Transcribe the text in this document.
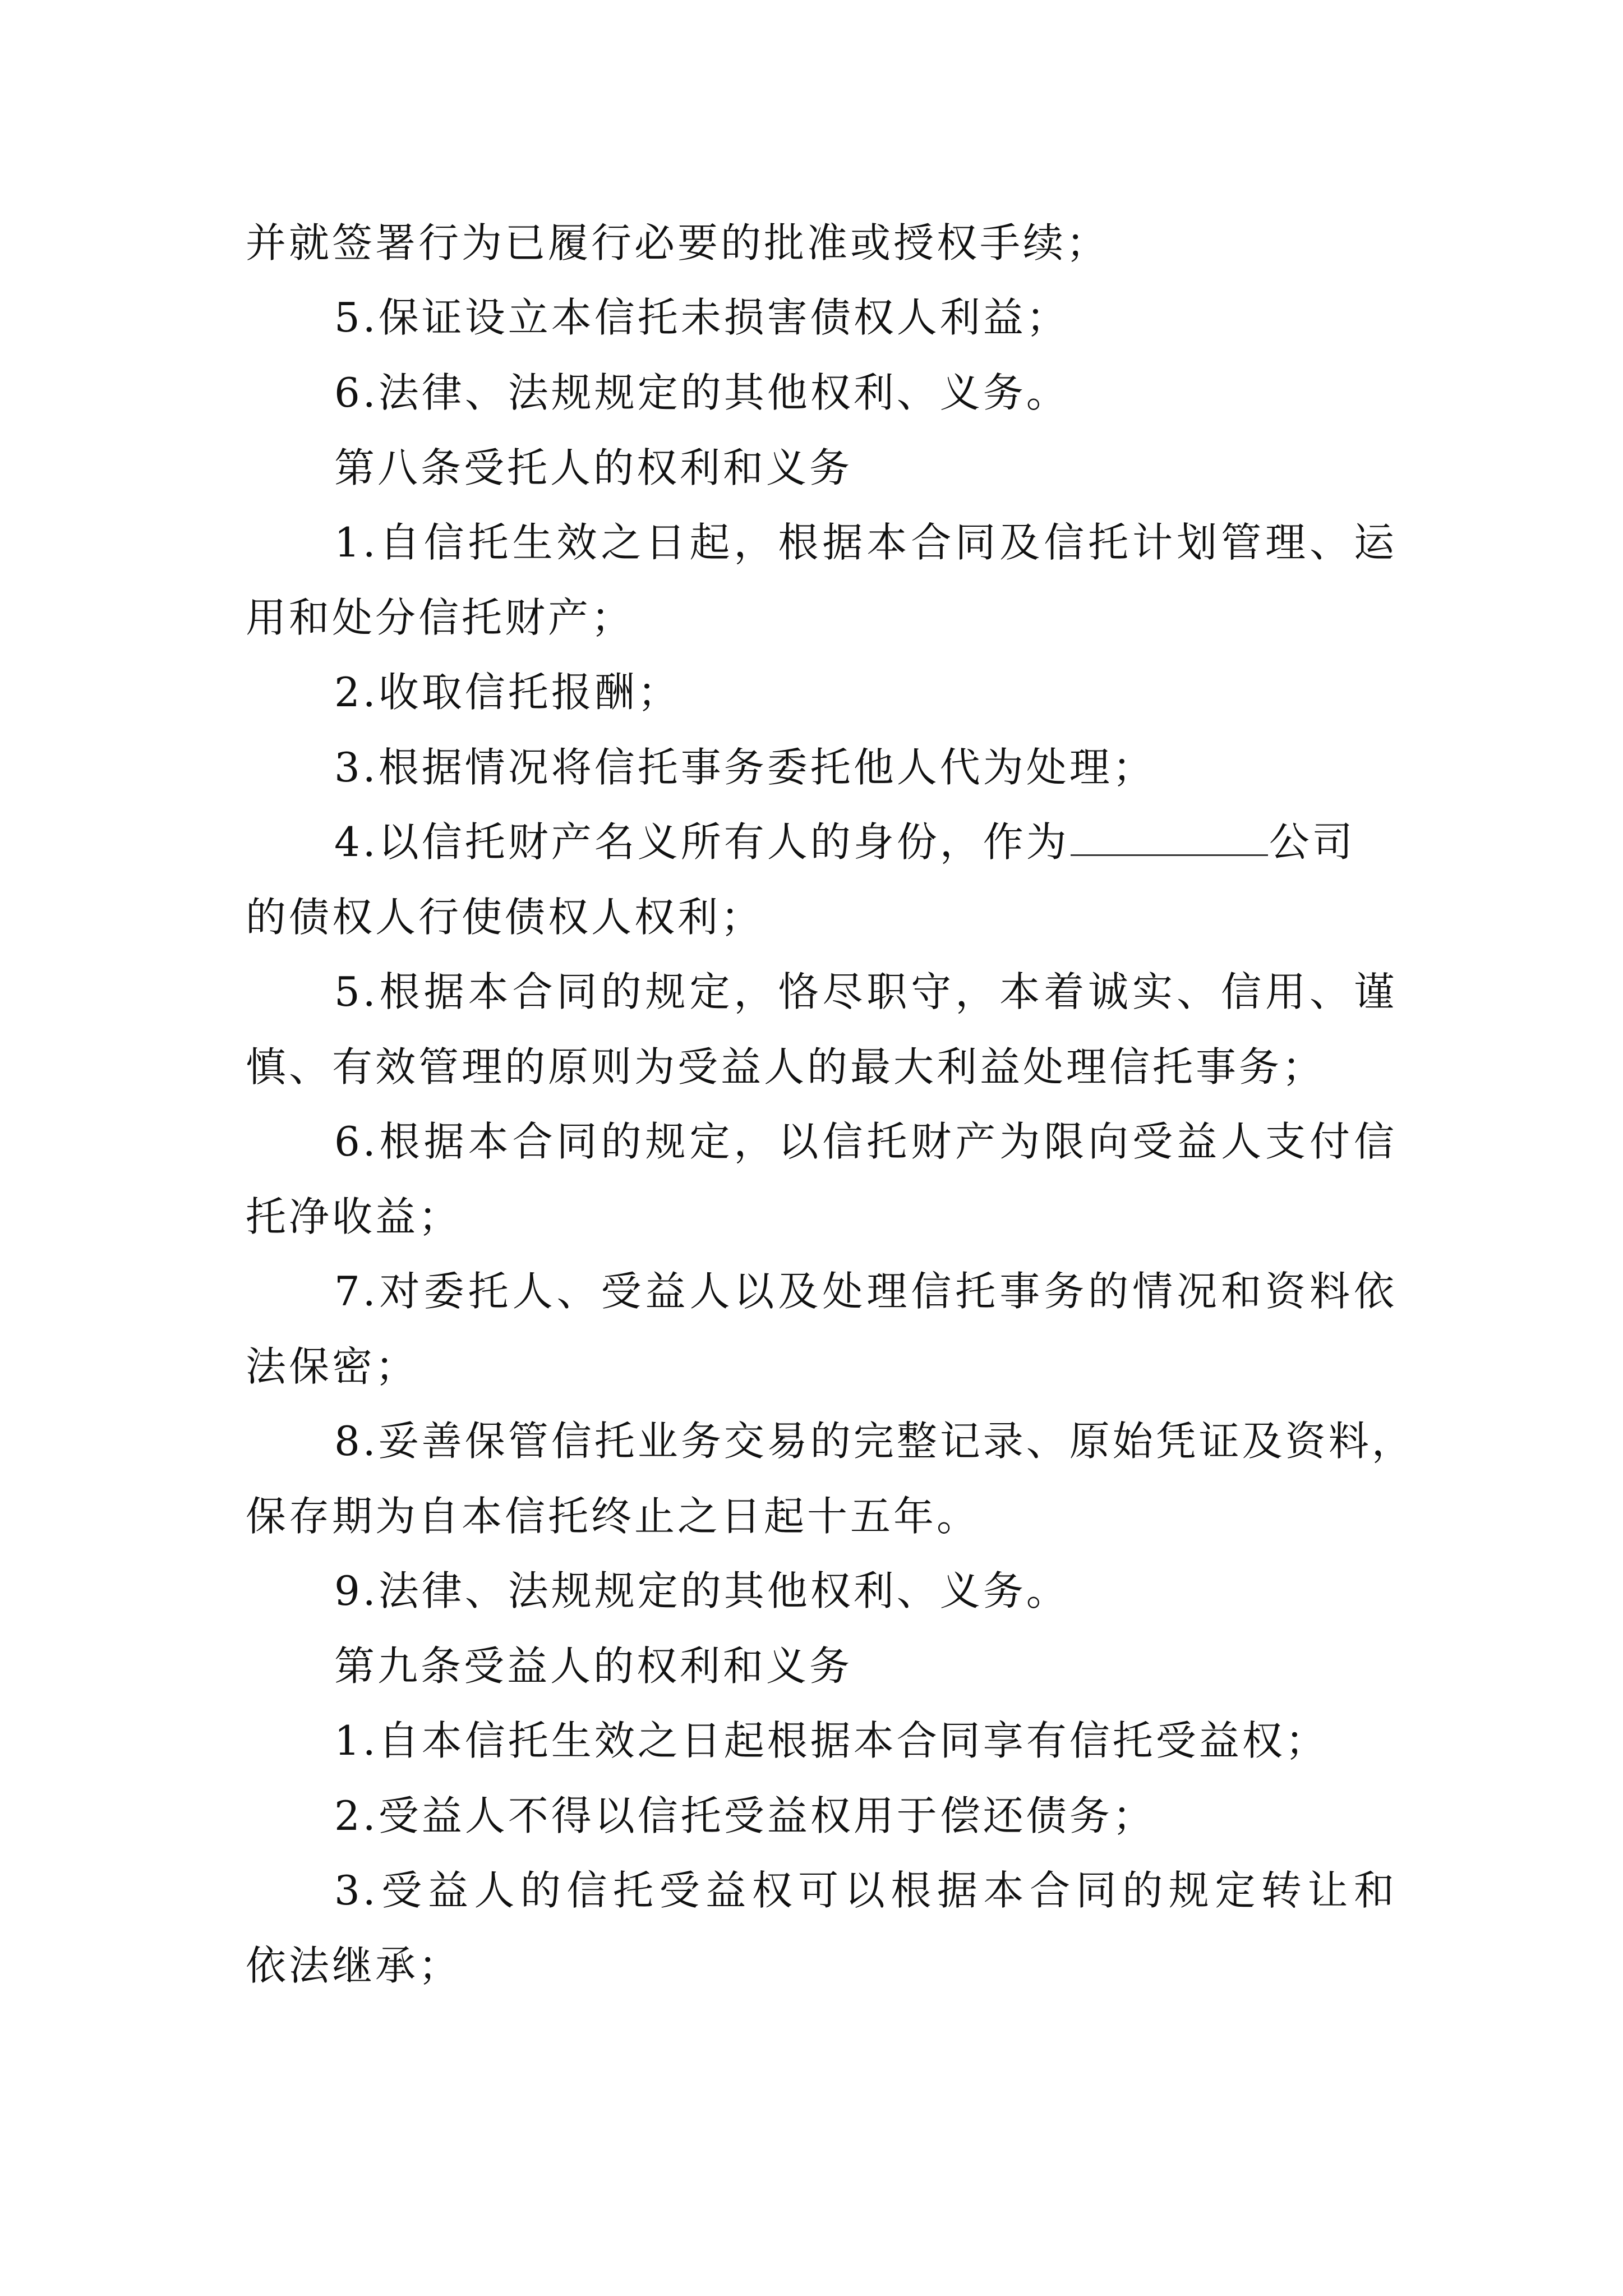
并就签署行为已履行必要的批准或授权手续；
5.保证设立本信托未损害债权人利益；
6.法律、法规规定的其他权利、义务。
第八条受托人的权利和义务
1.自信托生效之日起，根据本合同及信托计划管理、运
用和处分信托财产；
2.收取信托报酬；
3.根据情况将信托事务委托他人代为处理；
4.以信托财产名义所有人的身份，作为	公司
的债权人行使债权人权利；
5.根据本合同的规定，恪尽职守，本着诚实、信用、谨
慎、有效管理的原则为受益人的最大利益处理信托事务；
6.根据本合同的规定，以信托财产为限向受益人支付信
托净收益；
7.对委托人、受益人以及处理信托事务的情况和资料依
法保密；
8.妥善保管信托业务交易的完整记录、原始凭证及资料，
保存期为自本信托终止之日起十五年。
9.法律、法规规定的其他权利、义务。
第九条受益人的权利和义务
1.自本信托生效之日起根据本合同享有信托受益权；
2.受益人不得以信托受益权用于偿还债务；
3.受益人的信托受益权可以根据本合同的规定转让和
依法继承；
